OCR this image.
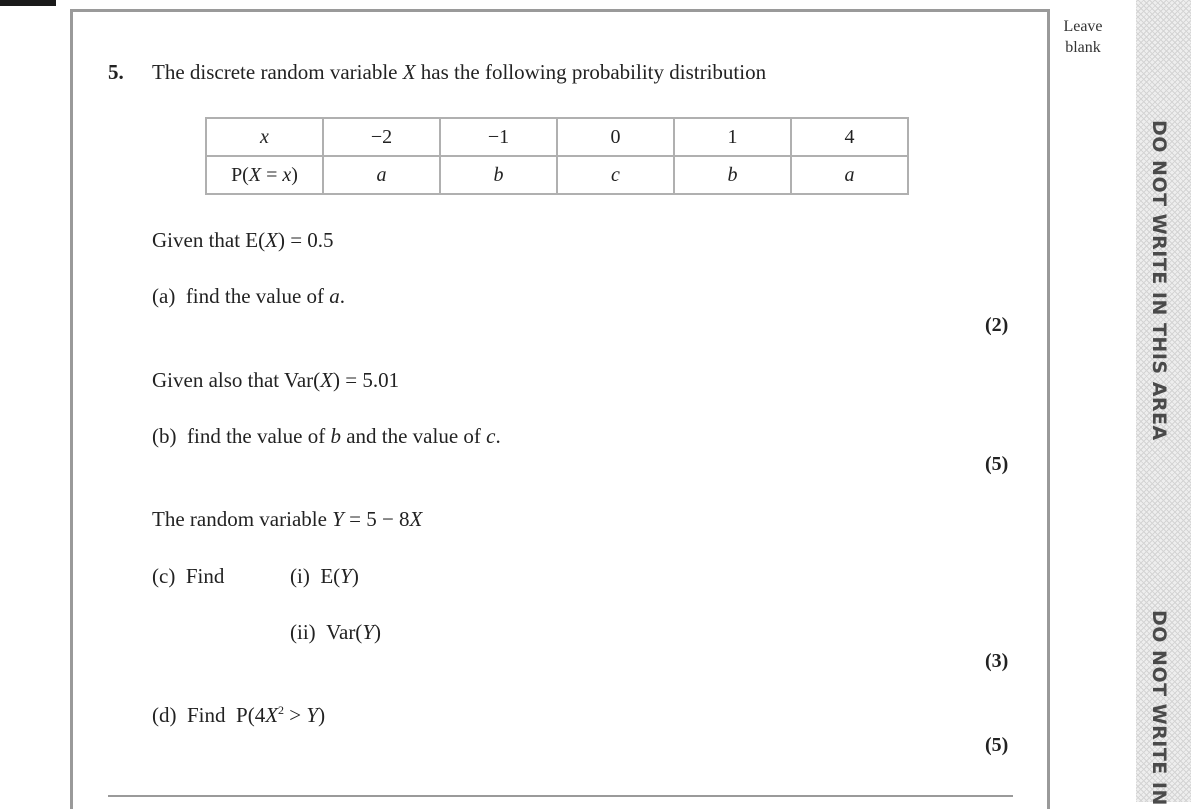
Leave
blank
DO NOT WRITE IN THIS AREA
DO NOT WRITE IN
5. The discrete random variable X has the following probability distribution
x	−2	−1	0	1	4
P(X = x)	a	b	c	b	a
Given that E(X) = 0.5
(a) find the value of a.
(2)
Given also that Var(X) = 5.01
(b) find the value of b and the value of c.
(5)
The random variable Y = 5 − 8X
(c) Find	(i) E(Y)
(ii) Var(Y)
(3)
(d) Find $P(4X^2 > Y)$
(5)
